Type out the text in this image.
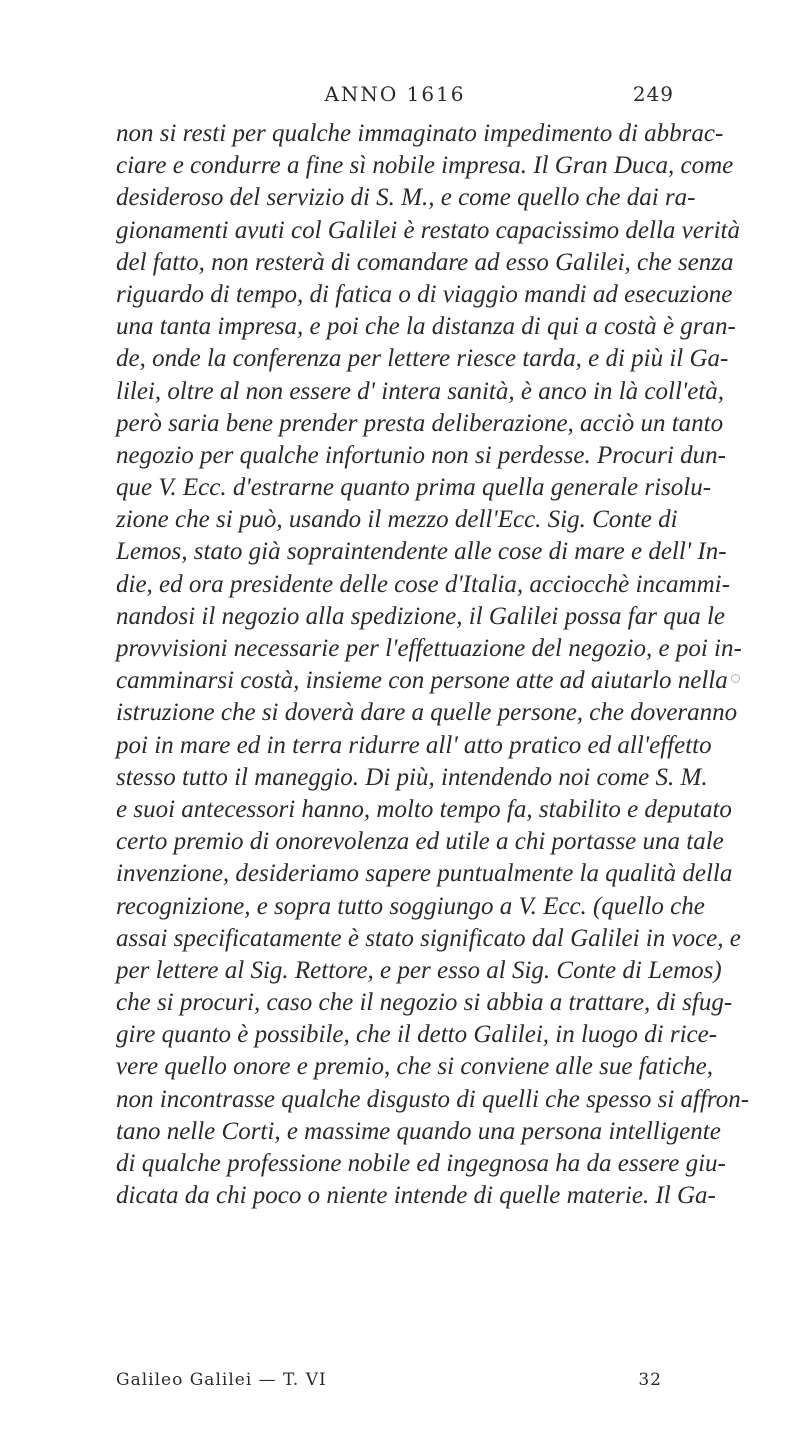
ANNO 1616	249
non si resti per qualche immaginato impedimento di abbrac-
ciare e condurre a fine sì nobile impresa. Il Gran Duca, come
desideroso del servizio di S. M., e come quello che dai ra-
gionamenti avuti col Galilei è restato capacissimo della verità
del fatto, non resterà di comandare ad esso Galilei, che senza
riguardo di tempo, di fatica o di viaggio mandi ad esecuzione
una tanta impresa, e poi che la distanza di qui a costà è gran-
de, onde la conferenza per lettere riesce tarda, e di più il Ga-
lilei, oltre al non essere d' intera sanità, è anco in là coll'età,
però saria bene prender presta deliberazione, acciò un tanto
negozio per qualche infortunio non si perdesse. Procuri dun-
que V. Ecc. d'estrarne quanto prima quella generale risolu-
zione che si può, usando il mezzo dell'Ecc. Sig. Conte di
Lemos, stato già sopraintendente alle cose di mare e dell' In-
die, ed ora presidente delle cose d'Italia, acciocchè incammi-
nandosi il negozio alla spedizione, il Galilei possa far qua le
provvisioni necessarie per l'effettuazione del negozio, e poi in-
camminarsi costà, insieme con persone atte ad aiutarlo nella
istruzione che si doverà dare a quelle persone, che doveranno
poi in mare ed in terra ridurre all' atto pratico ed all'effetto
stesso tutto il maneggio. Di più, intendendo noi come S. M.
e suoi antecessori hanno, molto tempo fa, stabilito e deputato
certo premio di onorevolenza ed utile a chi portasse una tale
invenzione, desideriamo sapere puntualmente la qualità della
recognizione, e sopra tutto soggiungo a V. Ecc. (quello che
assai specificatamente è stato significato dal Galilei in voce, e
per lettere al Sig. Rettore, e per esso al Sig. Conte di Lemos)
che si procuri, caso che il negozio si abbia a trattare, di sfug-
gire quanto è possibile, che il detto Galilei, in luogo di rice-
vere quello onore e premio, che si conviene alle sue fatiche,
non incontrasse qualche disgusto di quelli che spesso si affron-
tano nelle Corti, e massime quando una persona intelligente
di qualche professione nobile ed ingegnosa ha da essere giu-
dicata da chi poco o niente intende di quelle materie. Il Ga-
Galileo Galilei — T. VI	32
